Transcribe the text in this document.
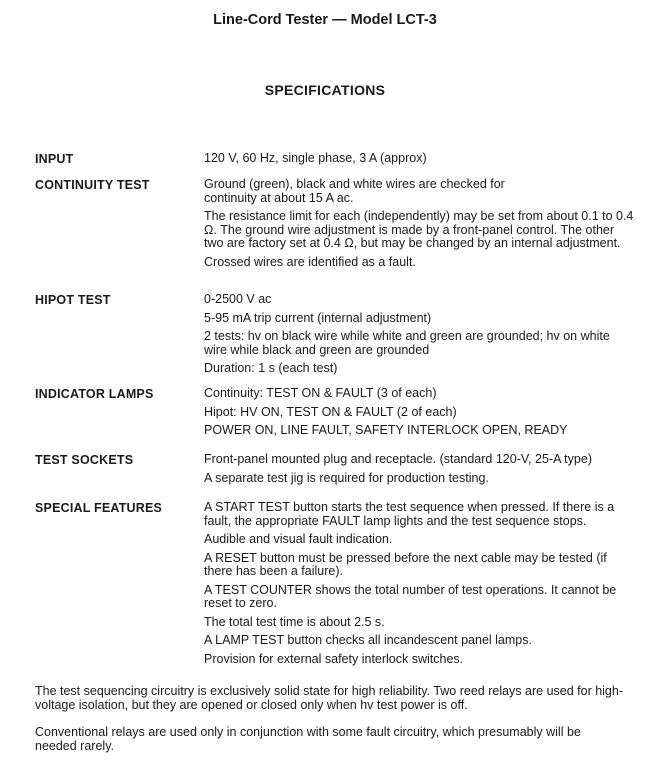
Line-Cord Tester — Model LCT-3
SPECIFICATIONS
INPUT	120 V, 60 Hz, single phase, 3 A (approx)

CONTINUITY TEST	Ground (green), black and white wires are checked for continuity at about 15 A ac.

The resistance limit for each (independently) may be set from about 0.1 to 0.4 Ω. The ground wire adjustment is made by a front-panel control. The other two are factory set at 0.4 Ω, but may be changed by an internal adjustment.

Crossed wires are identified as a fault.

HIPOT TEST	0-2500 V ac

5-95 mA trip current (internal adjustment)

2 tests: hv on black wire while white and green are grounded; hv on white wire while black and green are grounded

Duration: 1 s (each test)

INDICATOR LAMPS	Continuity: TEST ON & FAULT (3 of each)

Hipot: HV ON, TEST ON & FAULT (2 of each)

POWER ON, LINE FAULT, SAFETY INTERLOCK OPEN, READY

TEST SOCKETS	Front-panel mounted plug and receptacle. (standard 120-V, 25-A type)

A separate test jig is required for production testing.

SPECIAL FEATURES	A START TEST button starts the test sequence when pressed. If there is a fault, the appropriate FAULT lamp lights and the test sequence stops.

Audible and visual fault indication.

A RESET button must be pressed before the next cable may be tested (if there has been a failure).

A TEST COUNTER shows the total number of test operations. It cannot be reset to zero.

The total test time is about 2.5 s.

A LAMP TEST button checks all incandescent panel lamps.

Provision for external safety interlock switches.

The test sequencing circuitry is exclusively solid state for high reliability. Two reed relays are used for high-voltage isolation, but they are opened or closed only when hv test power is off.
Conventional relays are used only in conjunction with some fault circuitry, which presumably will be needed rarely.
